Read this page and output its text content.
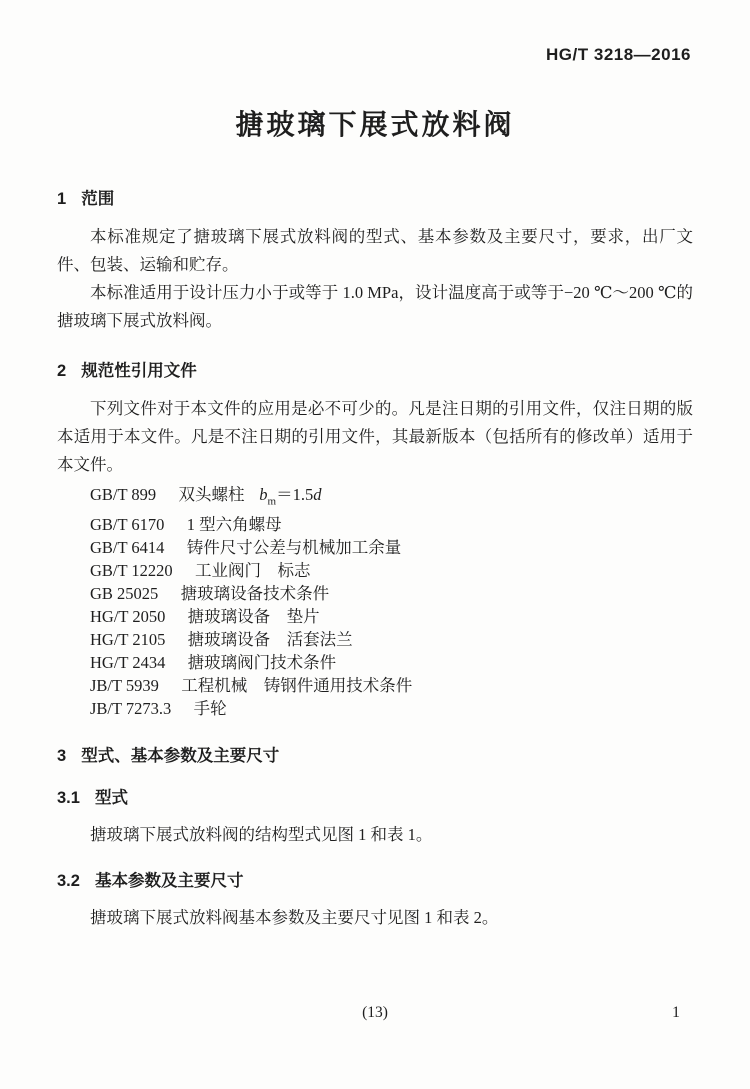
HG/T 3218—2016
搪玻璃下展式放料阀
1 范围

本标准规定了搪玻璃下展式放料阀的型式、基本参数及主要尺寸，要求，出厂文件、包装、运输和贮存。

本标准适用于设计压力小于或等于 1.0 MPa，设计温度高于或等于−20 ℃～200 ℃的搪玻璃下展式放料阀。

2 规范性引用文件

下列文件对于本文件的应用是必不可少的。凡是注日期的引用文件，仅注日期的版本适用于本文件。凡是不注日期的引用文件，其最新版本（包括所有的修改单）适用于本文件。

GB/T 899 双头螺柱 $b_m=1.5d$
GB/T 6170 1 型六角螺母
GB/T 6414 铸件尺寸公差与机械加工余量
GB/T 12220 工业阀门　标志
GB 25025 搪玻璃设备技术条件
HG/T 2050 搪玻璃设备　垫片
HG/T 2105 搪玻璃设备　活套法兰
HG/T 2434 搪玻璃阀门技术条件
JB/T 5939 工程机械　铸钢件通用技术条件
JB/T 7273.3 手轮
3 型式、基本参数及主要尺寸
3.1 型式

搪玻璃下展式放料阀的结构型式见图 1 和表 1。

3.2 基本参数及主要尺寸

搪玻璃下展式放料阀基本参数及主要尺寸见图 1 和表 2。

(13)	1
